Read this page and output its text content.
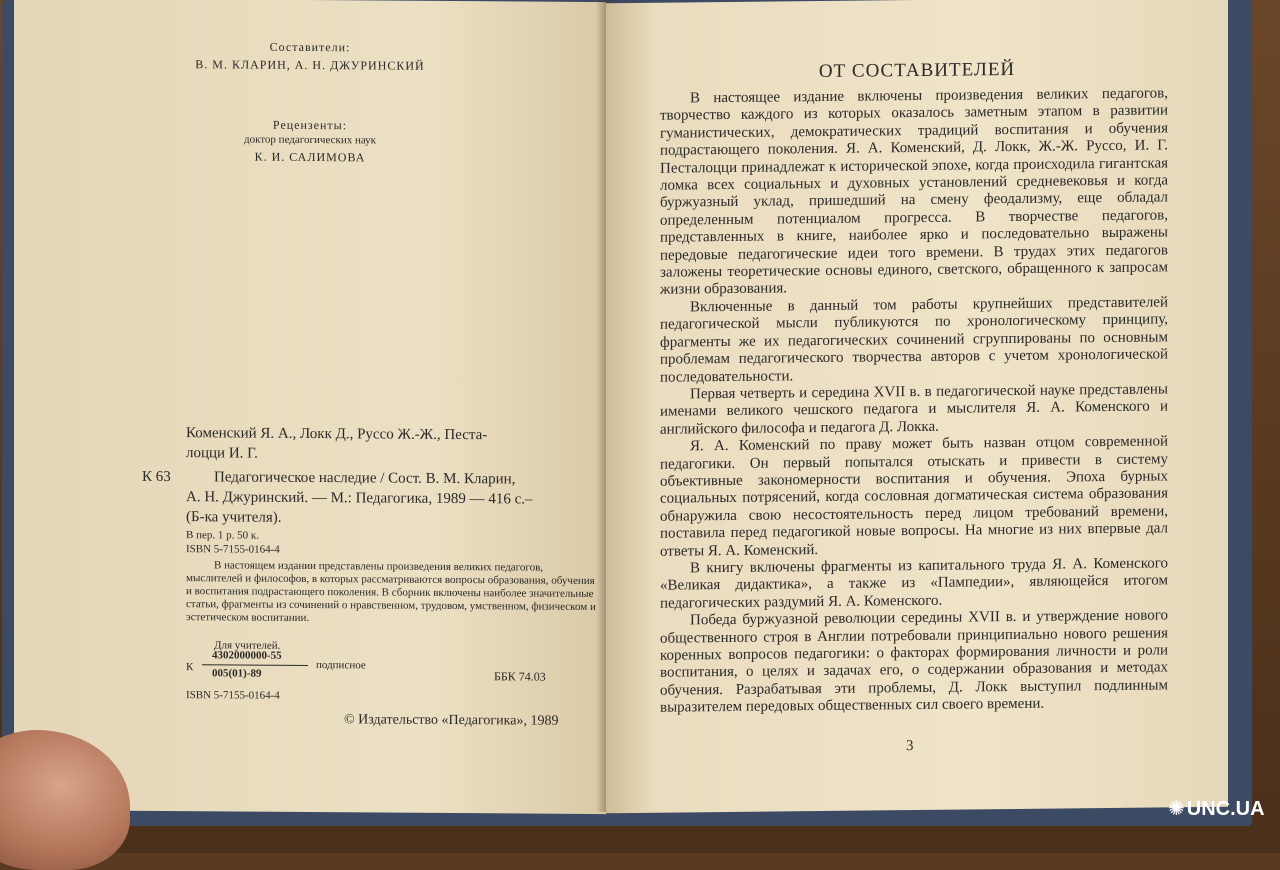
Составители:
В. М. КЛАРИН, А. Н. ДЖУРИНСКИЙ
Рецензенты:
доктор педагогических наук
К. И. САЛИМОВА
Коменский Я. А., Локк Д., Руссо Ж.-Ж., Песта-
лоцци И. Г.
К 63	Педагогическое наследие / Сост. В. М. Кларин,
А. Н. Джуринский. — М.: Педагогика, 1989 — 416 с.–
(Б-ка учителя).
В пер. 1 р. 50 к.
ISBN 5-7155-0164-4
В настоящем издании представлены произведения великих педагогов, мыслителей и философов, в которых рассматриваются вопросы образования, обучения и воспитания подрастающего поколения. В сборник включены наиболее значительные статьи, фрагменты из сочинений о нравственном, трудовом, умственном, физическом и эстетическом воспитании.
Для учителей.
К
4302000000-55
005(01)-89
подписное
ББК 74.03
ISBN 5-7155-0164-4
© Издательство «Педагогика», 1989
ОТ СОСТАВИТЕЛЕЙ

В настоящее издание включены произведения великих педагогов, творчество каждого из которых оказалось заметным этапом в развитии гуманистических, демократических традиций воспитания и обучения подрастающего поколения. Я. А. Коменский, Д. Локк, Ж.-Ж. Руссо, И. Г. Песталоцци принадлежат к исторической эпохе, когда происходила гигантская ломка всех социальных и духовных установлений средневековья и когда буржуазный уклад, пришедший на смену феодализму, еще обладал определенным потенциалом прогресса. В творчестве педагогов, представленных в книге, наиболее ярко и последовательно выражены передовые педагогические идеи того времени. В трудах этих педагогов заложены теоретические основы единого, светского, обращенного к запросам жизни образования.

Включенные в данный том работы крупнейших представителей педагогической мысли публикуются по хронологическому принципу, фрагменты же их педагогических сочинений сгруппированы по основным проблемам педагогического творчества авторов с учетом хронологической последовательности.

Первая четверть и середина XVII в. в педагогической науке представлены именами великого чешского педагога и мыслителя Я. А. Коменского и английского философа и педагога Д. Локка.

Я. А. Коменский по праву может быть назван отцом современной педагогики. Он первый попытался отыскать и привести в систему объективные закономерности воспитания и обучения. Эпоха бурных социальных потрясений, когда сословная догматическая система образования обнаружила свою несостоятельность перед лицом требований времени, поставила перед педагогикой новые вопросы. На многие из них впервые дал ответы Я. А. Коменский.

В книгу включены фрагменты из капитального труда Я. А. Коменского «Великая дидактика», а также из «Пампедии», являющейся итогом педагогических раздумий Я. А. Коменского.

Победа буржуазной революции середины XVII в. и утверждение нового общественного строя в Англии потребовали принципиально нового решения коренных вопросов педагогики: о факторах формирования личности и роли воспитания, о целях и задачах его, о содержании образования и методах обучения. Разрабатывая эти проблемы, Д. Локк выступил подлинным выразителем передовых общественных сил своего времени.

3
✺ UNC.UA
